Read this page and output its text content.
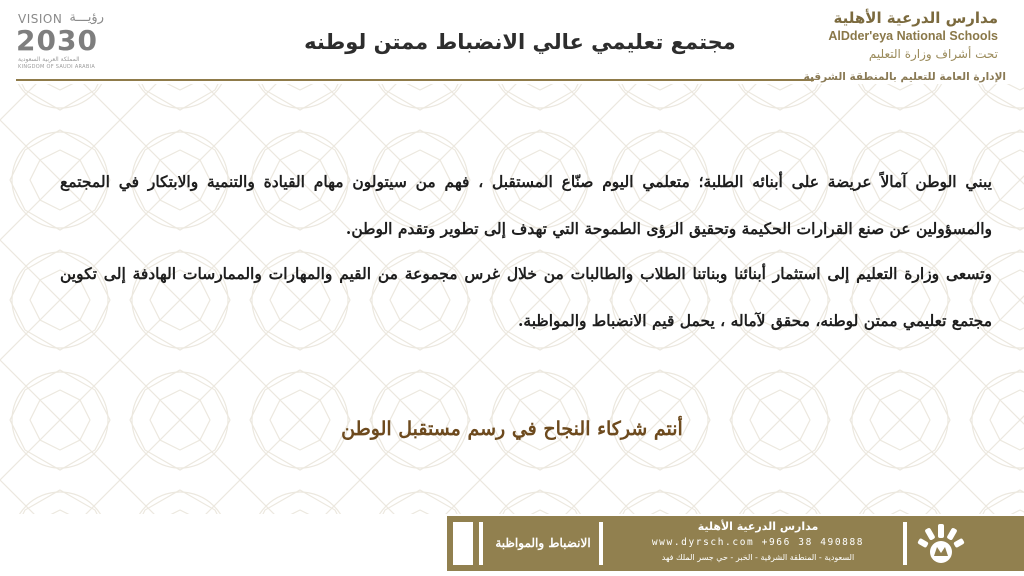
VISION رؤيـــة
2030
المملكة العربية السعودية
KINGDOM OF SAUDI ARABIA
مجتمع تعليمي عالي الانضباط ممتن لوطنه
مدارس الدرعية الأهلية
AlDder'eya National Schools
تحت أشراف وزارة التعليم
الإدارة العامة للتعليم بالمنطقة الشرقية
يبني الوطن آمالاً عريضة على أبنائه الطلبة؛ متعلمي اليوم صنّاع المستقبل ، فهم من سيتولون مهام القيادة والتنمية والابتكار في المجتمع والمسؤولين عن صنع القرارات الحكيمة وتحقيق الرؤى الطموحة التي تهدف إلى تطوير وتقدم الوطن.
وتسعى وزارة التعليم إلى استثمار أبنائنا وبناتنا الطلاب والطالبات من خلال غرس مجموعة من القيم والمهارات والممارسات الهادفة إلى تكوين مجتمع تعليمي ممتن لوطنه، محقق لآماله ، يحمل قيم الانضباط والمواظبة.
أنتم شركاء النجاح في رسم مستقبل الوطن
الانضباط والمواظبة
مدارس الدرعية الأهلية
www.dyrsch.com +966 38 490888
السعودية - المنطقة الشرقية - الخبر - حي جسر الملك فهد
